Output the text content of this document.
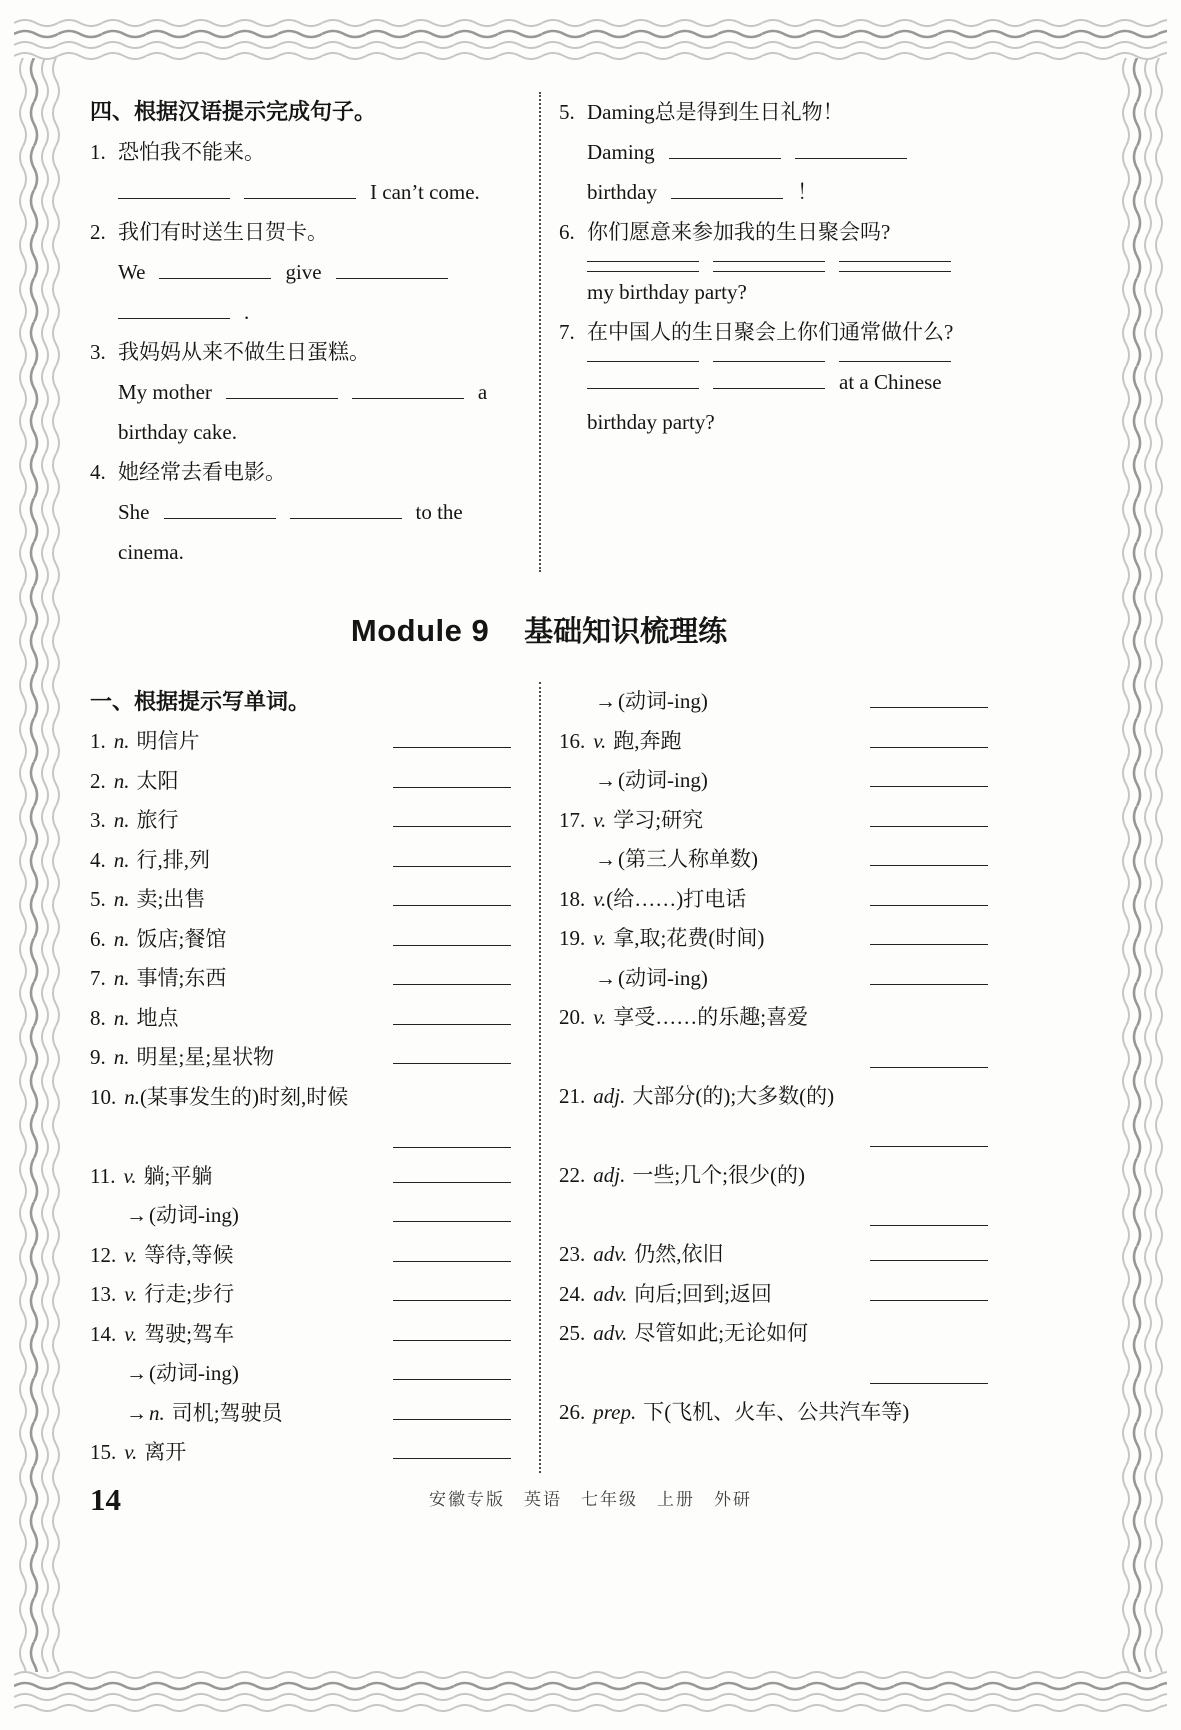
四、根据汉语提示完成句子。
1. 恐怕我不能来。
I can’t come.
2. 我们有时送生日贺卡。
We	give
.
3. 我妈妈从来不做生日蛋糕。
My mother	a
birthday cake.
4. 她经常去看电影。
She	to the
cinema.
5. Daming总是得到生日礼物！
Daming
birthday	！
6. 你们愿意来参加我的生日聚会吗?
my birthday party?
7. 在中国人的生日聚会上你们通常做什么?
at a Chinese
birthday party?
Module 9 基础知识梳理练
一、根据提示写单词。
1. n. 明信片
2. n. 太阳
3. n. 旅行
4. n. 行,排,列
5. n. 卖;出售
6. n. 饭店;餐馆
7. n. 事情;东西
8. n. 地点
9. n. 明星;星;星状物
10. n.(某事发生的)时刻,时候
11. v. 躺;平躺
→(动词-ing)
12. v. 等待,等候
13. v. 行走;步行
14. v. 驾驶;驾车
→(动词-ing)
→n. 司机;驾驶员
15. v. 离开
→(动词-ing)
16. v. 跑,奔跑
→(动词-ing)
17. v. 学习;研究
→(第三人称单数)
18. v.(给……)打电话
19. v. 拿,取;花费(时间)
→(动词-ing)
20. v. 享受……的乐趣;喜爱
21. adj. 大部分(的);大多数(的)
22. adj. 一些;几个;很少(的)
23. adv. 仍然,依旧
24. adv. 向后;回到;返回
25. adv. 尽管如此;无论如何
26. prep. 下(飞机、火车、公共汽车等)
14	安徽专版　英语　七年级　上册　外研
